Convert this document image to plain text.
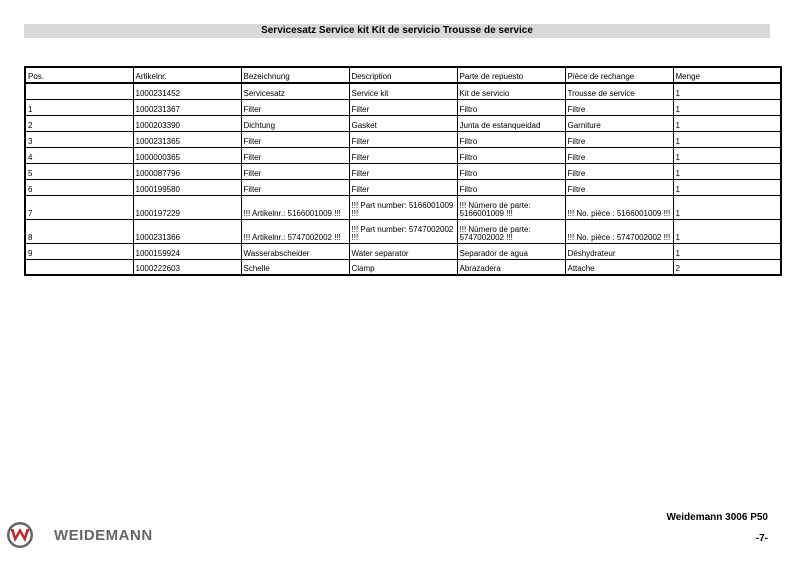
Servicesatz Service kit Kit de servicio Trousse de service
Pos.	Artikelnr.	Bezeichnung	Description	Parte de repuesto	Pièce de rechange	Menge
	1000231452	Servicesatz	Service kit	Kit de servicio	Trousse de service	1
1	1000231367	Filter	Filter	Filtro	Filtre	1
2	1000203390	Dichtung	Gasket	Junta de estanqueidad	Garniture	1
3	1000231365	Filter	Filter	Filtro	Filtre	1
4	1000000365	Filter	Filter	Filtro	Filtre	1
5	1000087796	Filter	Filter	Filtro	Filtre	1
6	1000199580	Filter	Filter	Filtro	Filtre	1
7	1000197229	!!! Artikelnr.: 5166001009 !!!	!!! Part number: 5166001009 !!!	!!! Número de parte: 5166001009 !!!	!!! No. pièce : 5166001009 !!!	1
8	1000231366	!!! Artikelnr.: 5747002002 !!!	!!! Part number: 5747002002 !!!	!!! Número de parte: 5747002002 !!!	!!! No. pièce : 5747002002 !!!	1
9	1000159924	Wasserabscheider	Water separator	Separador de agua	Déshydrateur	1
	1000222603	Schelle	Clamp	Abrazadera	Attache	2
WEIDEMANN
Weidemann 3006 P50
-7-
